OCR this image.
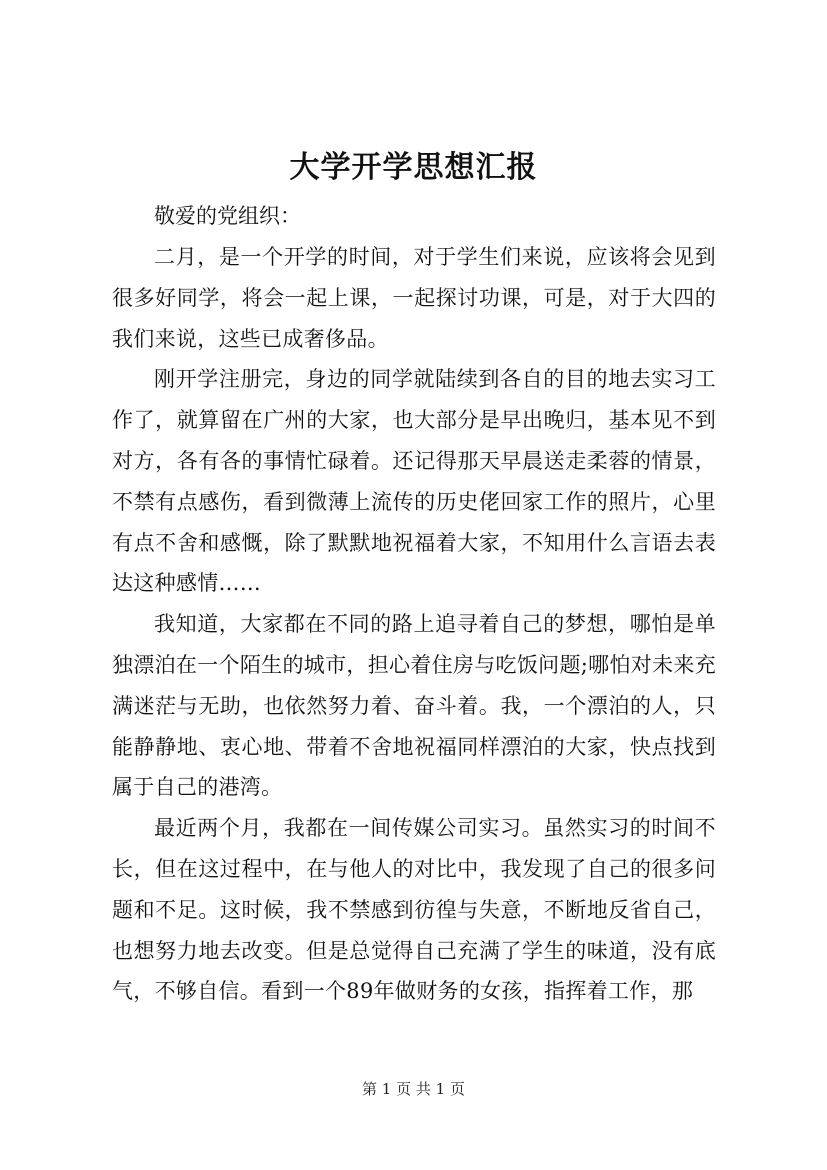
大学开学思想汇报
敬爱的党组织：

二月，是一个开学的时间，对于学生们来说，应该将会见到很多好同学，将会一起上课，一起探讨功课，可是，对于大四的我们来说，这些已成奢侈品。

刚开学注册完，身边的同学就陆续到各自的目的地去实习工作了，就算留在广州的大家，也大部分是早出晚归，基本见不到对方，各有各的事情忙碌着。还记得那天早晨送走柔蓉的情景，不禁有点感伤，看到微薄上流传的历史佬回家工作的照片，心里有点不舍和感慨，除了默默地祝福着大家，不知用什么言语去表达这种感情……

我知道，大家都在不同的路上追寻着自己的梦想，哪怕是单独漂泊在一个陌生的城市，担心着住房与吃饭问题;哪怕对未来充满迷茫与无助，也依然努力着、奋斗着。我，一个漂泊的人，只能静静地、衷心地、带着不舍地祝福同样漂泊的大家，快点找到属于自己的港湾。

最近两个月，我都在一间传媒公司实习。虽然实习的时间不长，但在这过程中，在与他人的对比中，我发现了自己的很多问题和不足。这时候，我不禁感到彷徨与失意，不断地反省自己，也想努力地去改变。但是总觉得自己充满了学生的味道，没有底气，不够自信。看到一个89年做财务的女孩，指挥着工作，那

第 1 页 共 1 页
